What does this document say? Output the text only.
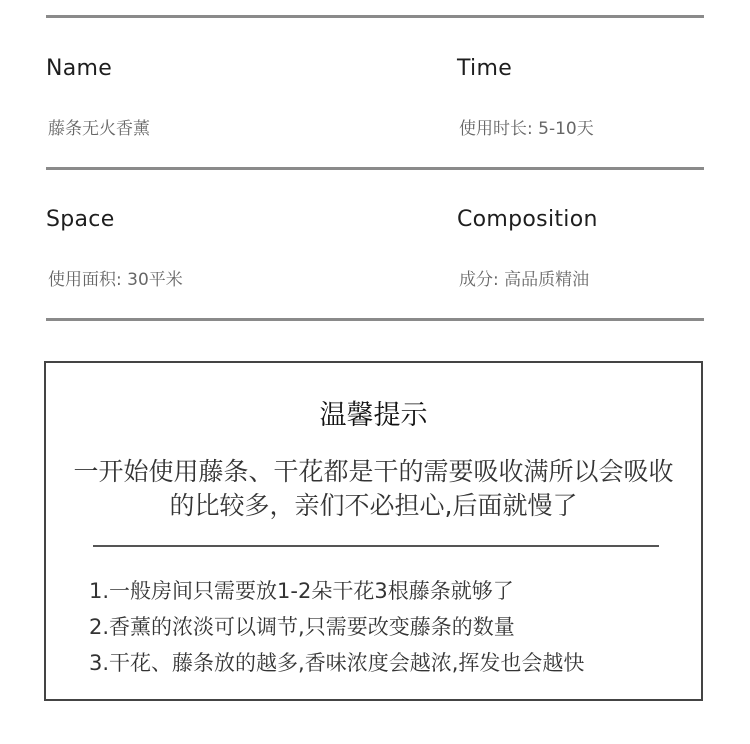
Name
藤条无火香薰
Time
使用时长: 5-10天
Space
使用面积: 30平米
Composition
成分: 高品质精油
温馨提示
一开始使用藤条、干花都是干的需要吸收满所以会吸收的比较多，亲们不必担心,后面就慢了
1.一般房间只需要放1-2朵干花3根藤条就够了
2.香薰的浓淡可以调节,只需要改变藤条的数量
3.干花、藤条放的越多,香味浓度会越浓,挥发也会越快
